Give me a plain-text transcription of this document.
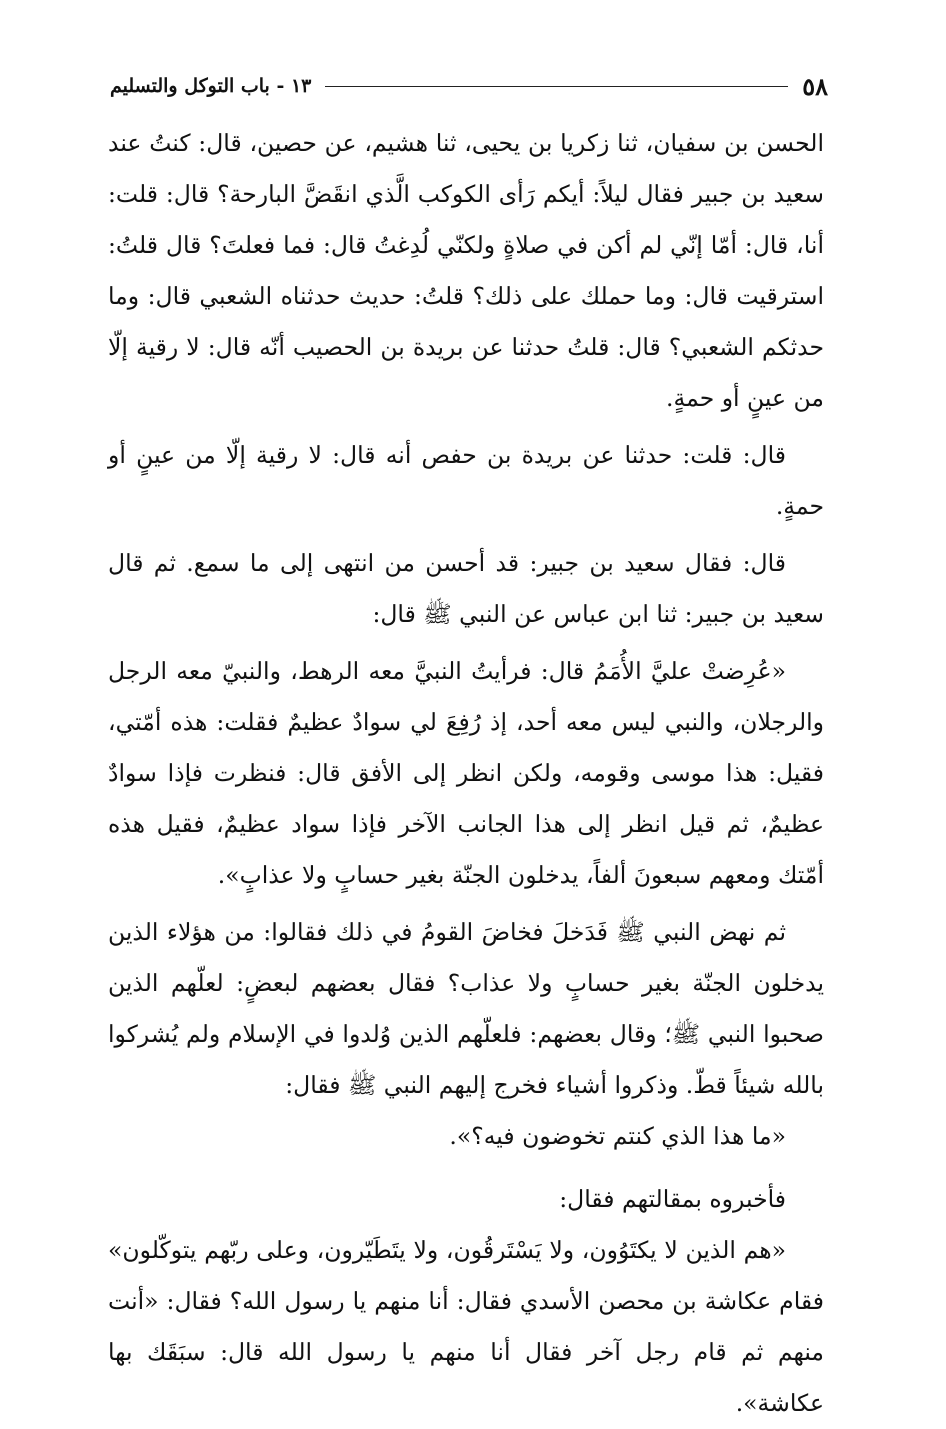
٥٨
١٣ - باب التوكل والتسليم

الحسن بن سفيان، ثنا زكريا بن يحيى، ثنا هشيم، عن حصين، قال: كنتُ عند سعيد بن جبير فقال ليلاً: أيكم رَأى الكوكب الَّذي انقَضَّ البارحة؟ قال: قلت: أنا، قال: أمّا إنّي لم أكن في صلاةٍ ولكنّي لُدِغتُ قال: فما فعلتَ؟ قال قلتُ: استرقيت قال: وما حملك على ذلك؟ قلتُ: حديث حدثناه الشعبي قال: وما حدثكم الشعبي؟ قال: قلتُ حدثنا عن بريدة بن الحصيب أنّه قال: لا رقية إلّا من عينٍ أو حمةٍ.

قال: قلت: حدثنا عن بريدة بن حفص أنه قال: لا رقية إلّا من عينٍ أو حمةٍ.

قال: فقال سعيد بن جبير: قد أحسن من انتهى إلى ما سمع. ثم قال سعيد بن جبير: ثنا ابن عباس عن النبي ﷺ قال:

«عُرِضتْ عليَّ الأُمَمُ قال: فرأيتُ النبيَّ معه الرهط، والنبيّ معه الرجل والرجلان، والنبي ليس معه أحد، إذ رُفِعَ لي سوادٌ عظيمٌ فقلت: هذه أمّتي، فقيل: هذا موسى وقومه، ولكن انظر إلى الأفق قال: فنظرت فإذا سوادٌ عظيمٌ، ثم قيل انظر إلى هذا الجانب الآخر فإذا سواد عظيمٌ، فقيل هذه أمّتك ومعهم سبعونَ ألفاً، يدخلون الجنّة بغير حسابٍ ولا عذابٍ».

ثم نهض النبي ﷺ فَدَخلَ فخاضَ القومُ في ذلك فقالوا: من هؤلاء الذين يدخلون الجنّة بغير حسابٍ ولا عذاب؟ فقال بعضهم لبعضٍ: لعلّهم الذين صحبوا النبي ﷺ؛ وقال بعضهم: فلعلّهم الذين وُلدوا في الإسلام ولم يُشركوا بالله شيئاً قطّ. وذكروا أشياء فخرج إليهم النبي ﷺ فقال:

«ما هذا الذي كنتم تخوضون فيه؟».

فأخبروه بمقالتهم فقال:

«هم الذين لا يكتَوُون، ولا يَسْتَرقُون، ولا يتَطَيّرون، وعلى ربّهم يتوكّلون» فقام عكاشة بن محصن الأسدي فقال: أنا منهم يا رسول الله؟ فقال: «أنت منهم ثم قام رجل آخر فقال أنا منهم يا رسول الله قال: سبَقَك بها عكاشة».
